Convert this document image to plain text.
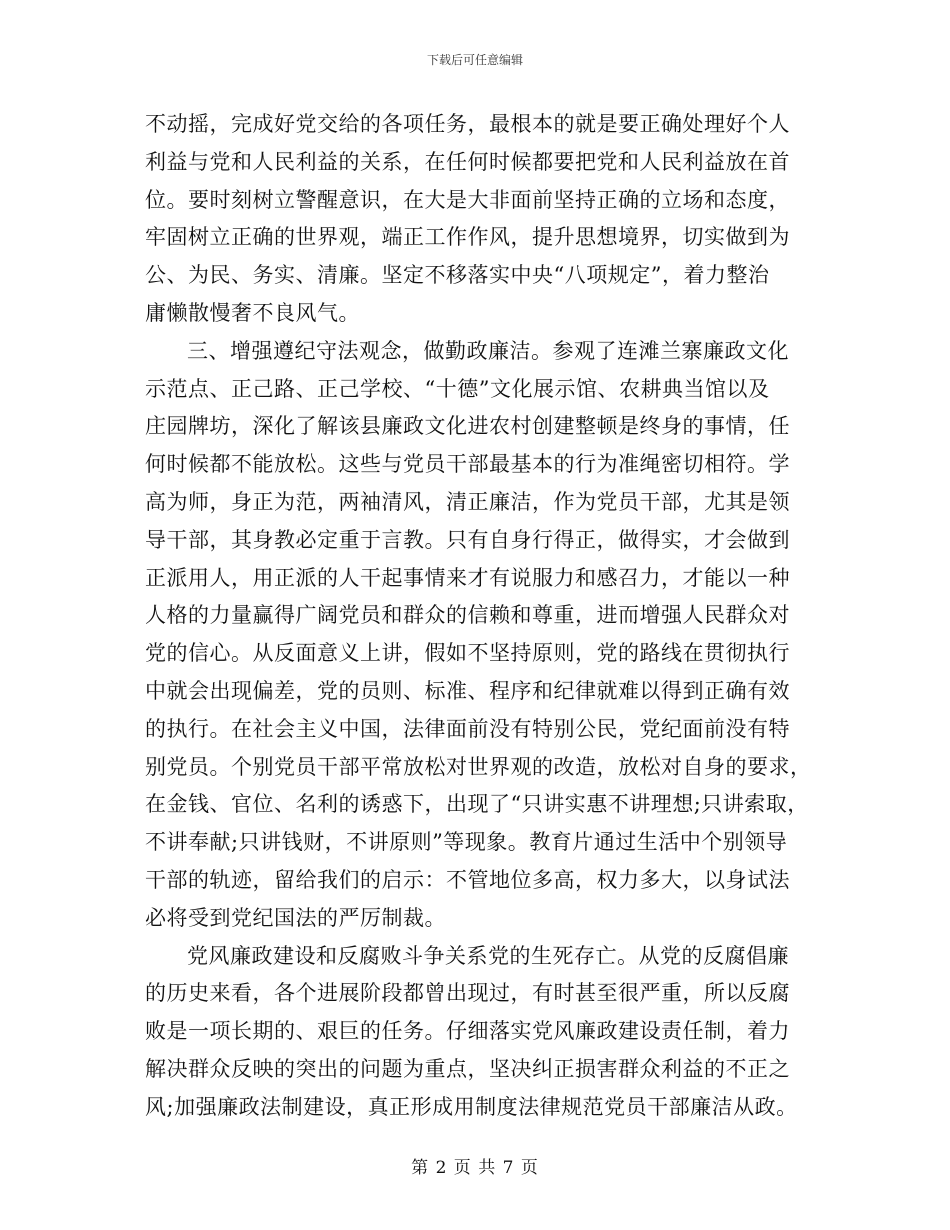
下载后可任意编辑
不动摇，完成好党交给的各项任务，最根本的就是要正确处理好个人
利益与党和人民利益的关系，在任何时候都要把党和人民利益放在首
位。要时刻树立警醒意识，在大是大非面前坚持正确的立场和态度，
牢固树立正确的世界观，端正工作作风，提升思想境界，切实做到为
公、为民、务实、清廉。坚定不移落实中央“八项规定”，着力整治
庸懒散慢奢不良风气。
三、增强遵纪守法观念，做勤政廉洁。参观了连滩兰寨廉政文化
示范点、正己路、正己学校、“十德”文化展示馆、农耕典当馆以及
庄园牌坊，深化了解该县廉政文化进农村创建整顿是终身的事情，任
何时候都不能放松。这些与党员干部最基本的行为准绳密切相符。学
高为师，身正为范，两袖清风，清正廉洁，作为党员干部，尤其是领
导干部，其身教必定重于言教。只有自身行得正，做得实，才会做到
正派用人，用正派的人干起事情来才有说服力和感召力，才能以一种
人格的力量赢得广阔党员和群众的信赖和尊重，进而增强人民群众对
党的信心。从反面意义上讲，假如不坚持原则，党的路线在贯彻执行
中就会出现偏差，党的员则、标准、程序和纪律就难以得到正确有效
的执行。在社会主义中国，法律面前没有特别公民，党纪面前没有特
别党员。个别党员干部平常放松对世界观的改造，放松对自身的要求，
在金钱、官位、名利的诱惑下，出现了“只讲实惠不讲理想;只讲索取，
不讲奉献;只讲钱财，不讲原则”等现象。教育片通过生活中个别领导
干部的轨迹，留给我们的启示：不管地位多高，权力多大，以身试法
必将受到党纪国法的严厉制裁。
党风廉政建设和反腐败斗争关系党的生死存亡。从党的反腐倡廉
的历史来看，各个进展阶段都曾出现过，有时甚至很严重，所以反腐
败是一项长期的、艰巨的任务。仔细落实党风廉政建设责任制，着力
解决群众反映的突出的问题为重点，坚决纠正损害群众利益的不正之
风;加强廉政法制建设，真正形成用制度法律规范党员干部廉洁从政。
第 2 页 共 7 页
